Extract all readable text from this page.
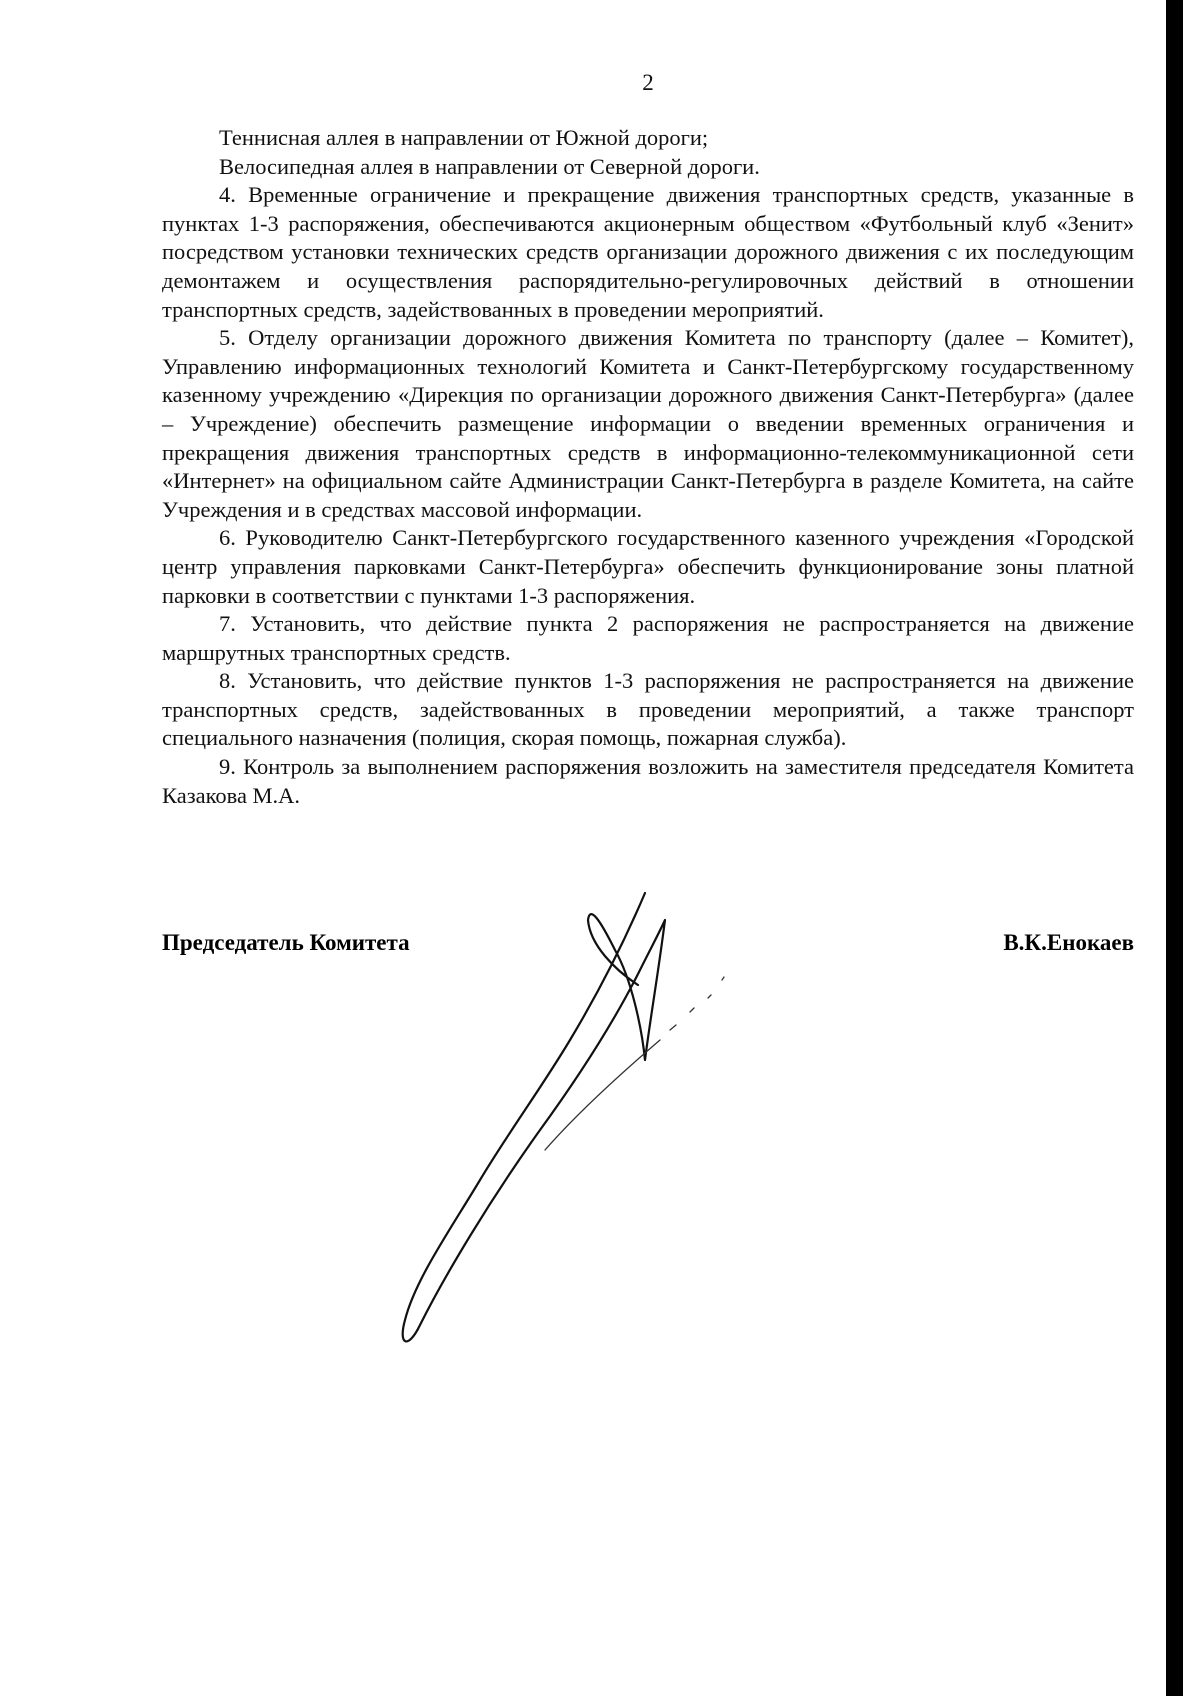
2

Теннисная аллея в направлении от Южной дороги;

Велосипедная аллея в направлении от Северной дороги.

4. Временные ограничение и прекращение движения транспортных средств, указанные в пунктах 1-3 распоряжения, обеспечиваются акционерным обществом «Футбольный клуб «Зенит» посредством установки технических средств организации дорожного движения с их последующим демонтажем и осуществления распорядительно-регулировочных действий в отношении транспортных средств, задействованных в проведении мероприятий.

5. Отделу организации дорожного движения Комитета по транспорту (далее – Комитет), Управлению информационных технологий Комитета и Санкт-Петербургскому государственному казенному учреждению «Дирекция по организации дорожного движения Санкт-Петербурга» (далее – Учреждение) обеспечить размещение информации о введении временных ограничения и прекращения движения транспортных средств в информационно-телекоммуникационной сети «Интернет» на официальном сайте Администрации Санкт-Петербурга в разделе Комитета, на сайте Учреждения и в средствах массовой информации.

6. Руководителю Санкт-Петербургского государственного казенного учреждения «Городской центр управления парковками Санкт-Петербурга» обеспечить функционирование зоны платной парковки в соответствии с пунктами 1-3 распоряжения.

7. Установить, что действие пункта 2 распоряжения не распространяется на движение маршрутных транспортных средств.

8. Установить, что действие пунктов 1-3 распоряжения не распространяется на движение транспортных средств, задействованных в проведении мероприятий, а также транспорт специального назначения (полиция, скорая помощь, пожарная служба).

9. Контроль за выполнением распоряжения возложить на заместителя председателя Комитета Казакова М.А.

Председатель Комитета	В.К.Енокаев
